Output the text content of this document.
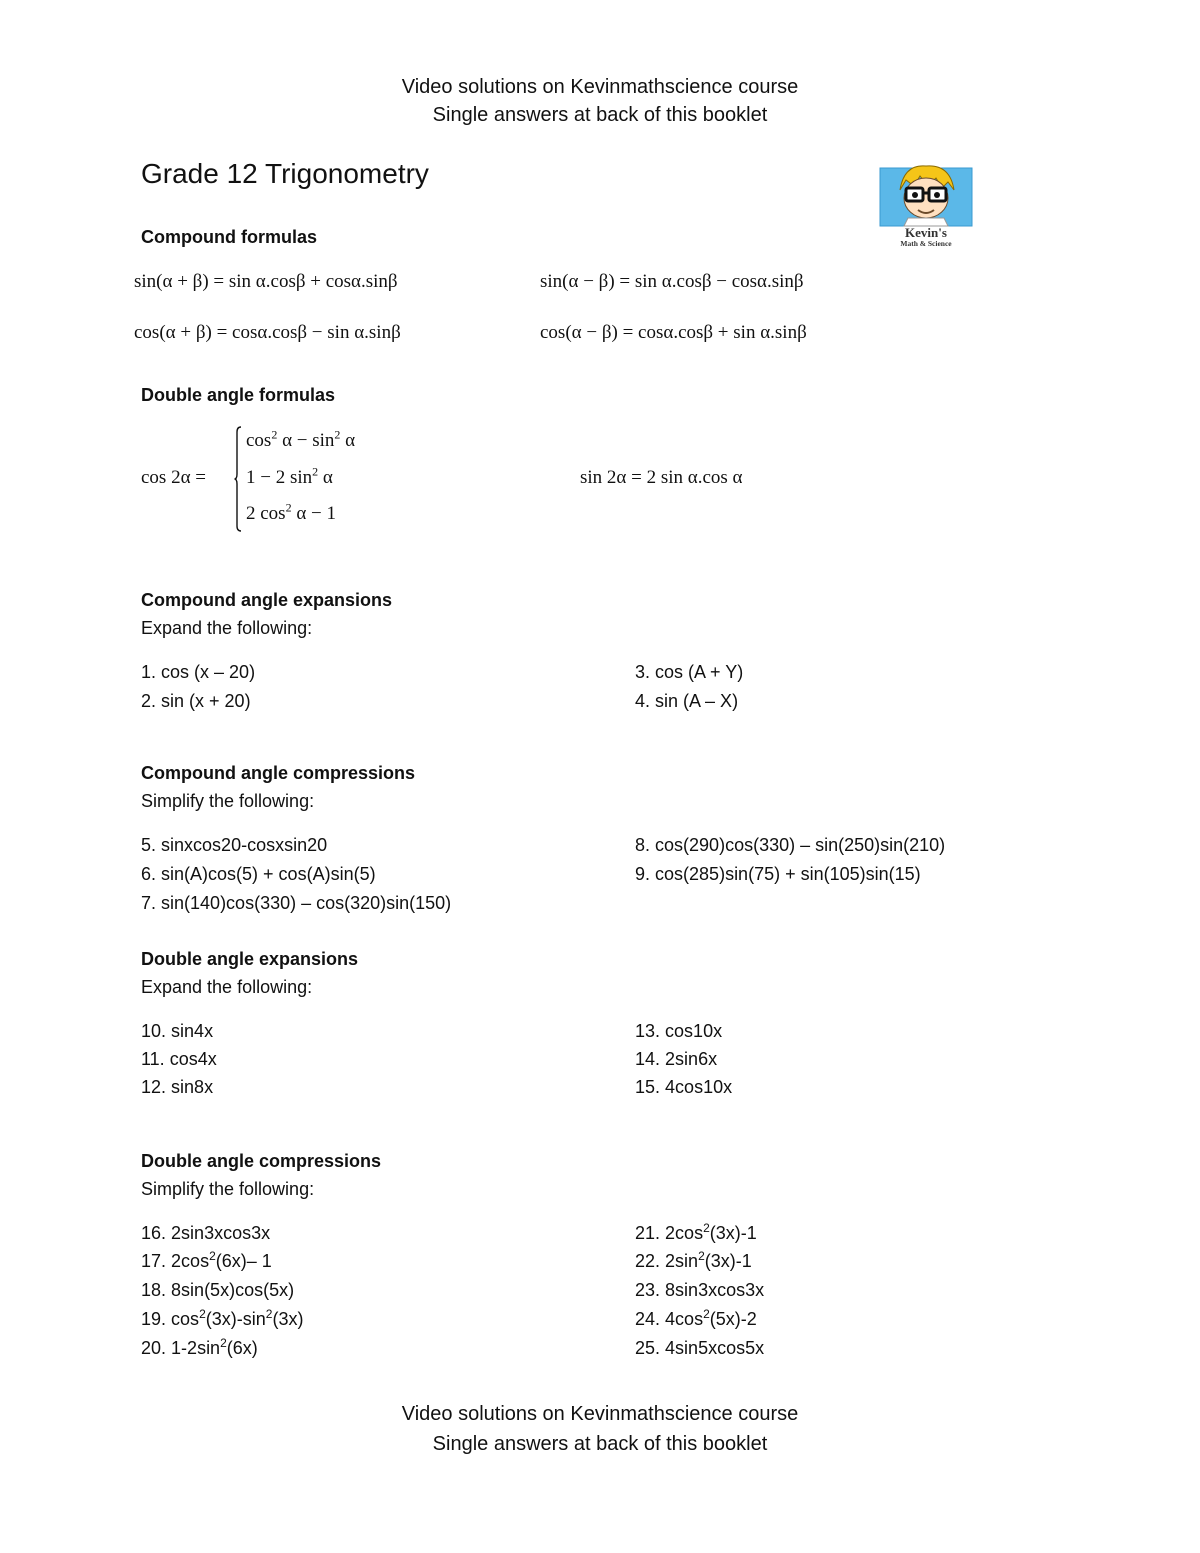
Video solutions on Kevinmathscience course
Single answers at back of this booklet
Grade 12 Trigonometry
Kevin's
Math & Science
Compound formulas
sin(α + β) = sin α.cosβ + cosα.sinβ	sin(α − β) = sin α.cosβ − cosα.sinβ
cos(α + β) = cosα.cosβ − sin α.sinβ	cos(α − β) = cosα.cosβ + sin α.sinβ
Double angle formulas
cos 2α =
$\cos^2 \alpha - \sin^2 \alpha$
1 − 2 $\sin^2 \alpha$
2 $\cos^2 \alpha - 1$
sin 2α = 2 sin α.cos α
Compound angle expansions
Expand the following:
1. cos (x – 20)
2. sin (x + 20)
3. cos (A + Y)
4. sin (A – X)
Compound angle compressions
Simplify the following:
5. sinxcos20-cosxsin20
6. sin(A)cos(5) + cos(A)sin(5)
7. sin(140)cos(330) – cos(320)sin(150)
8. cos(290)cos(330) – sin(250)sin(210)
9. cos(285)sin(75) + sin(105)sin(15)
Double angle expansions
Expand the following:
10. sin4x
11. cos4x
12. sin8x
13. cos10x
14. 2sin6x
15. 4cos10x
Double angle compressions
Simplify the following:
16. 2sin3xcos3x
17. $2\cos^2(6x)-$ 1
18. 8sin(5x)cos(5x)
19. $\cos^2(3x)-\sin^2(3x)$
20. $1-2\sin^2(6x)$
21. $2\cos^2(3x)-1$
22. $2\sin^2(3x)-1$
23. 8sin3xcos3x
24. $4\cos^2(5x)-2$
25. 4sin5xcos5x
Video solutions on Kevinmathscience course
Single answers at back of this booklet
